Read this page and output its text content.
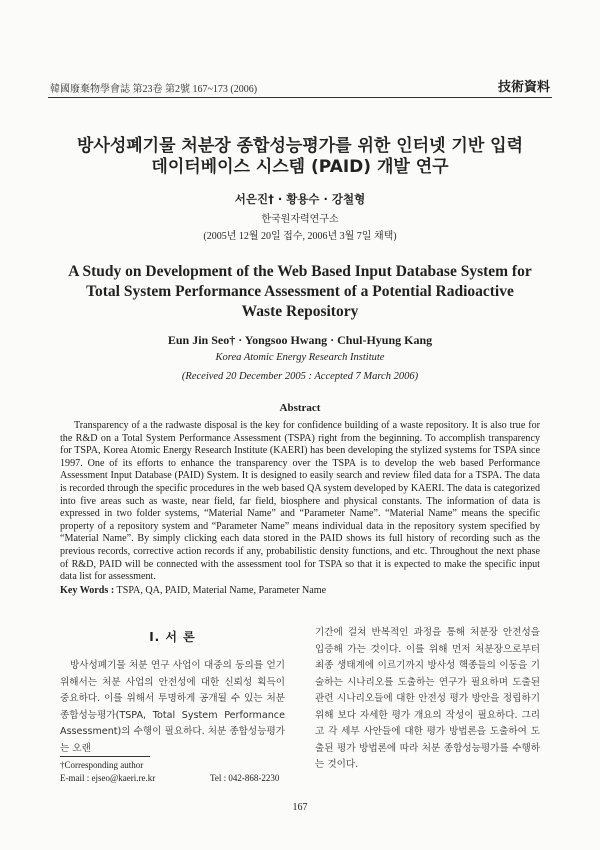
韓國廢棄物學會誌 第23卷 第2號 167~173 (2006)	技術資料
방사성폐기물 처분장 종합성능평가를 위한 인터넷 기반 입력
데이터베이스 시스템 (PAID) 개발 연구
서은진† · 황용수 · 강철형
한국원자력연구소
(2005년 12월 20일 접수, 2006년 3월 7일 채택)
A Study on Development of the Web Based Input Database System for
Total System Performance Assessment of a Potential Radioactive
Waste Repository
Eun Jin Seo† · Yongsoo Hwang · Chul-Hyung Kang
Korea Atomic Energy Research Institute
(Received 20 December 2005 : Accepted 7 March 2006)
Abstract
Transparency of a the radwaste disposal is the key for confidence building of a waste repository. It is also true for the R&D on a Total System Performance Assessment (TSPA) right from the beginning. To accomplish transparency for TSPA, Korea Atomic Energy Research Institute (KAERI) has been developing the stylized systems for TSPA since 1997. One of its efforts to enhance the transparency over the TSPA is to develop the web based Performance Assessment Input Database (PAID) System. It is designed to easily search and review filed data for a TSPA. The data is recorded through the specific procedures in the web based QA system developed by KAERI. The data is categorized into five areas such as waste, near field, far field, biosphere and physical constants. The information of data is expressed in two folder systems, “Material Name” and “Parameter Name”. “Material Name” means the specific property of a repository system and “Parameter Name” means individual data in the repository system specified by “Material Name”. By simply clicking each data stored in the PAID shows its full history of recording such as the previous records, corrective action records if any, probabilistic density functions, and etc. Throughout the next phase of R&D, PAID will be connected with the assessment tool for TSPA so that it is expected to make the specific input data list for assessment.
Key Words : TSPA, QA, PAID, Material Name, Parameter Name
I. 서 론
방사성폐기물 처분 연구 사업이 대중의 동의를 얻기 위해서는 처분 사업의 안전성에 대한 신뢰성 획득이 중요하다. 이를 위해서 투명하게 공개될 수 있는 처분 종합성능평가(TSPA, Total System Performance Assessment)의 수행이 필요하다. 처분 종합성능평가는 오랜
기간에 걸쳐 반복적인 과정을 통해 처분장 안전성을 입증해 가는 것이다. 이를 위해 먼저 처분장으로부터 최종 생태계에 이르기까지 방사성 핵종들의 이동을 기술하는 시나리오를 도출하는 연구가 필요하며 도출된 관련 시나리오들에 대한 안전성 평가 방안을 정립하기 위해 보다 자세한 평가 개요의 작성이 필요하다. 그리고 각 세부 사안들에 대한 평가 방법론을 도출하여 도출된 평가 방법론에 따라 처분 종합성능평가를 수행하는 것이다.
†Corresponding author
E-mail : ejseo@kaeri.re.kr	Tel : 042-868-2230
167
